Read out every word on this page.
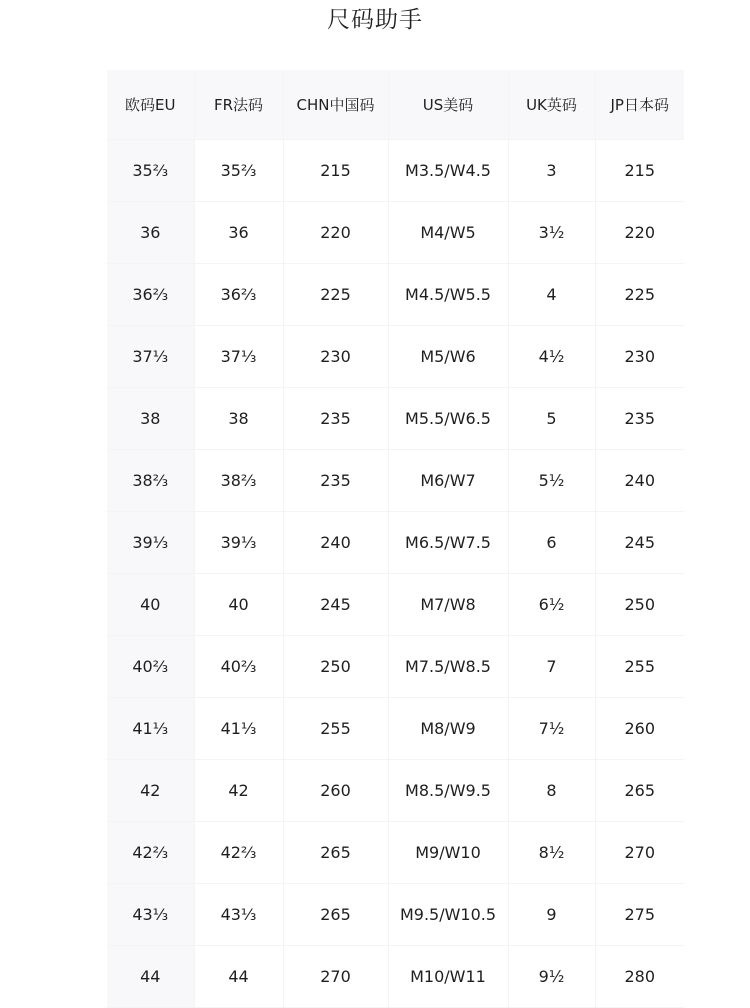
尺码助手
欧码EU	FR法码	CHN中国码	US美码	UK英码	JP日本码
35⅔	35⅔	215	M3.5/W4.5	3	215
36	36	220	M4/W5	3½	220
36⅔	36⅔	225	M4.5/W5.5	4	225
37⅓	37⅓	230	M5/W6	4½	230
38	38	235	M5.5/W6.5	5	235
38⅔	38⅔	235	M6/W7	5½	240
39⅓	39⅓	240	M6.5/W7.5	6	245
40	40	245	M7/W8	6½	250
40⅔	40⅔	250	M7.5/W8.5	7	255
41⅓	41⅓	255	M8/W9	7½	260
42	42	260	M8.5/W9.5	8	265
42⅔	42⅔	265	M9/W10	8½	270
43⅓	43⅓	265	M9.5/W10.5	9	275
44	44	270	M10/W11	9½	280
